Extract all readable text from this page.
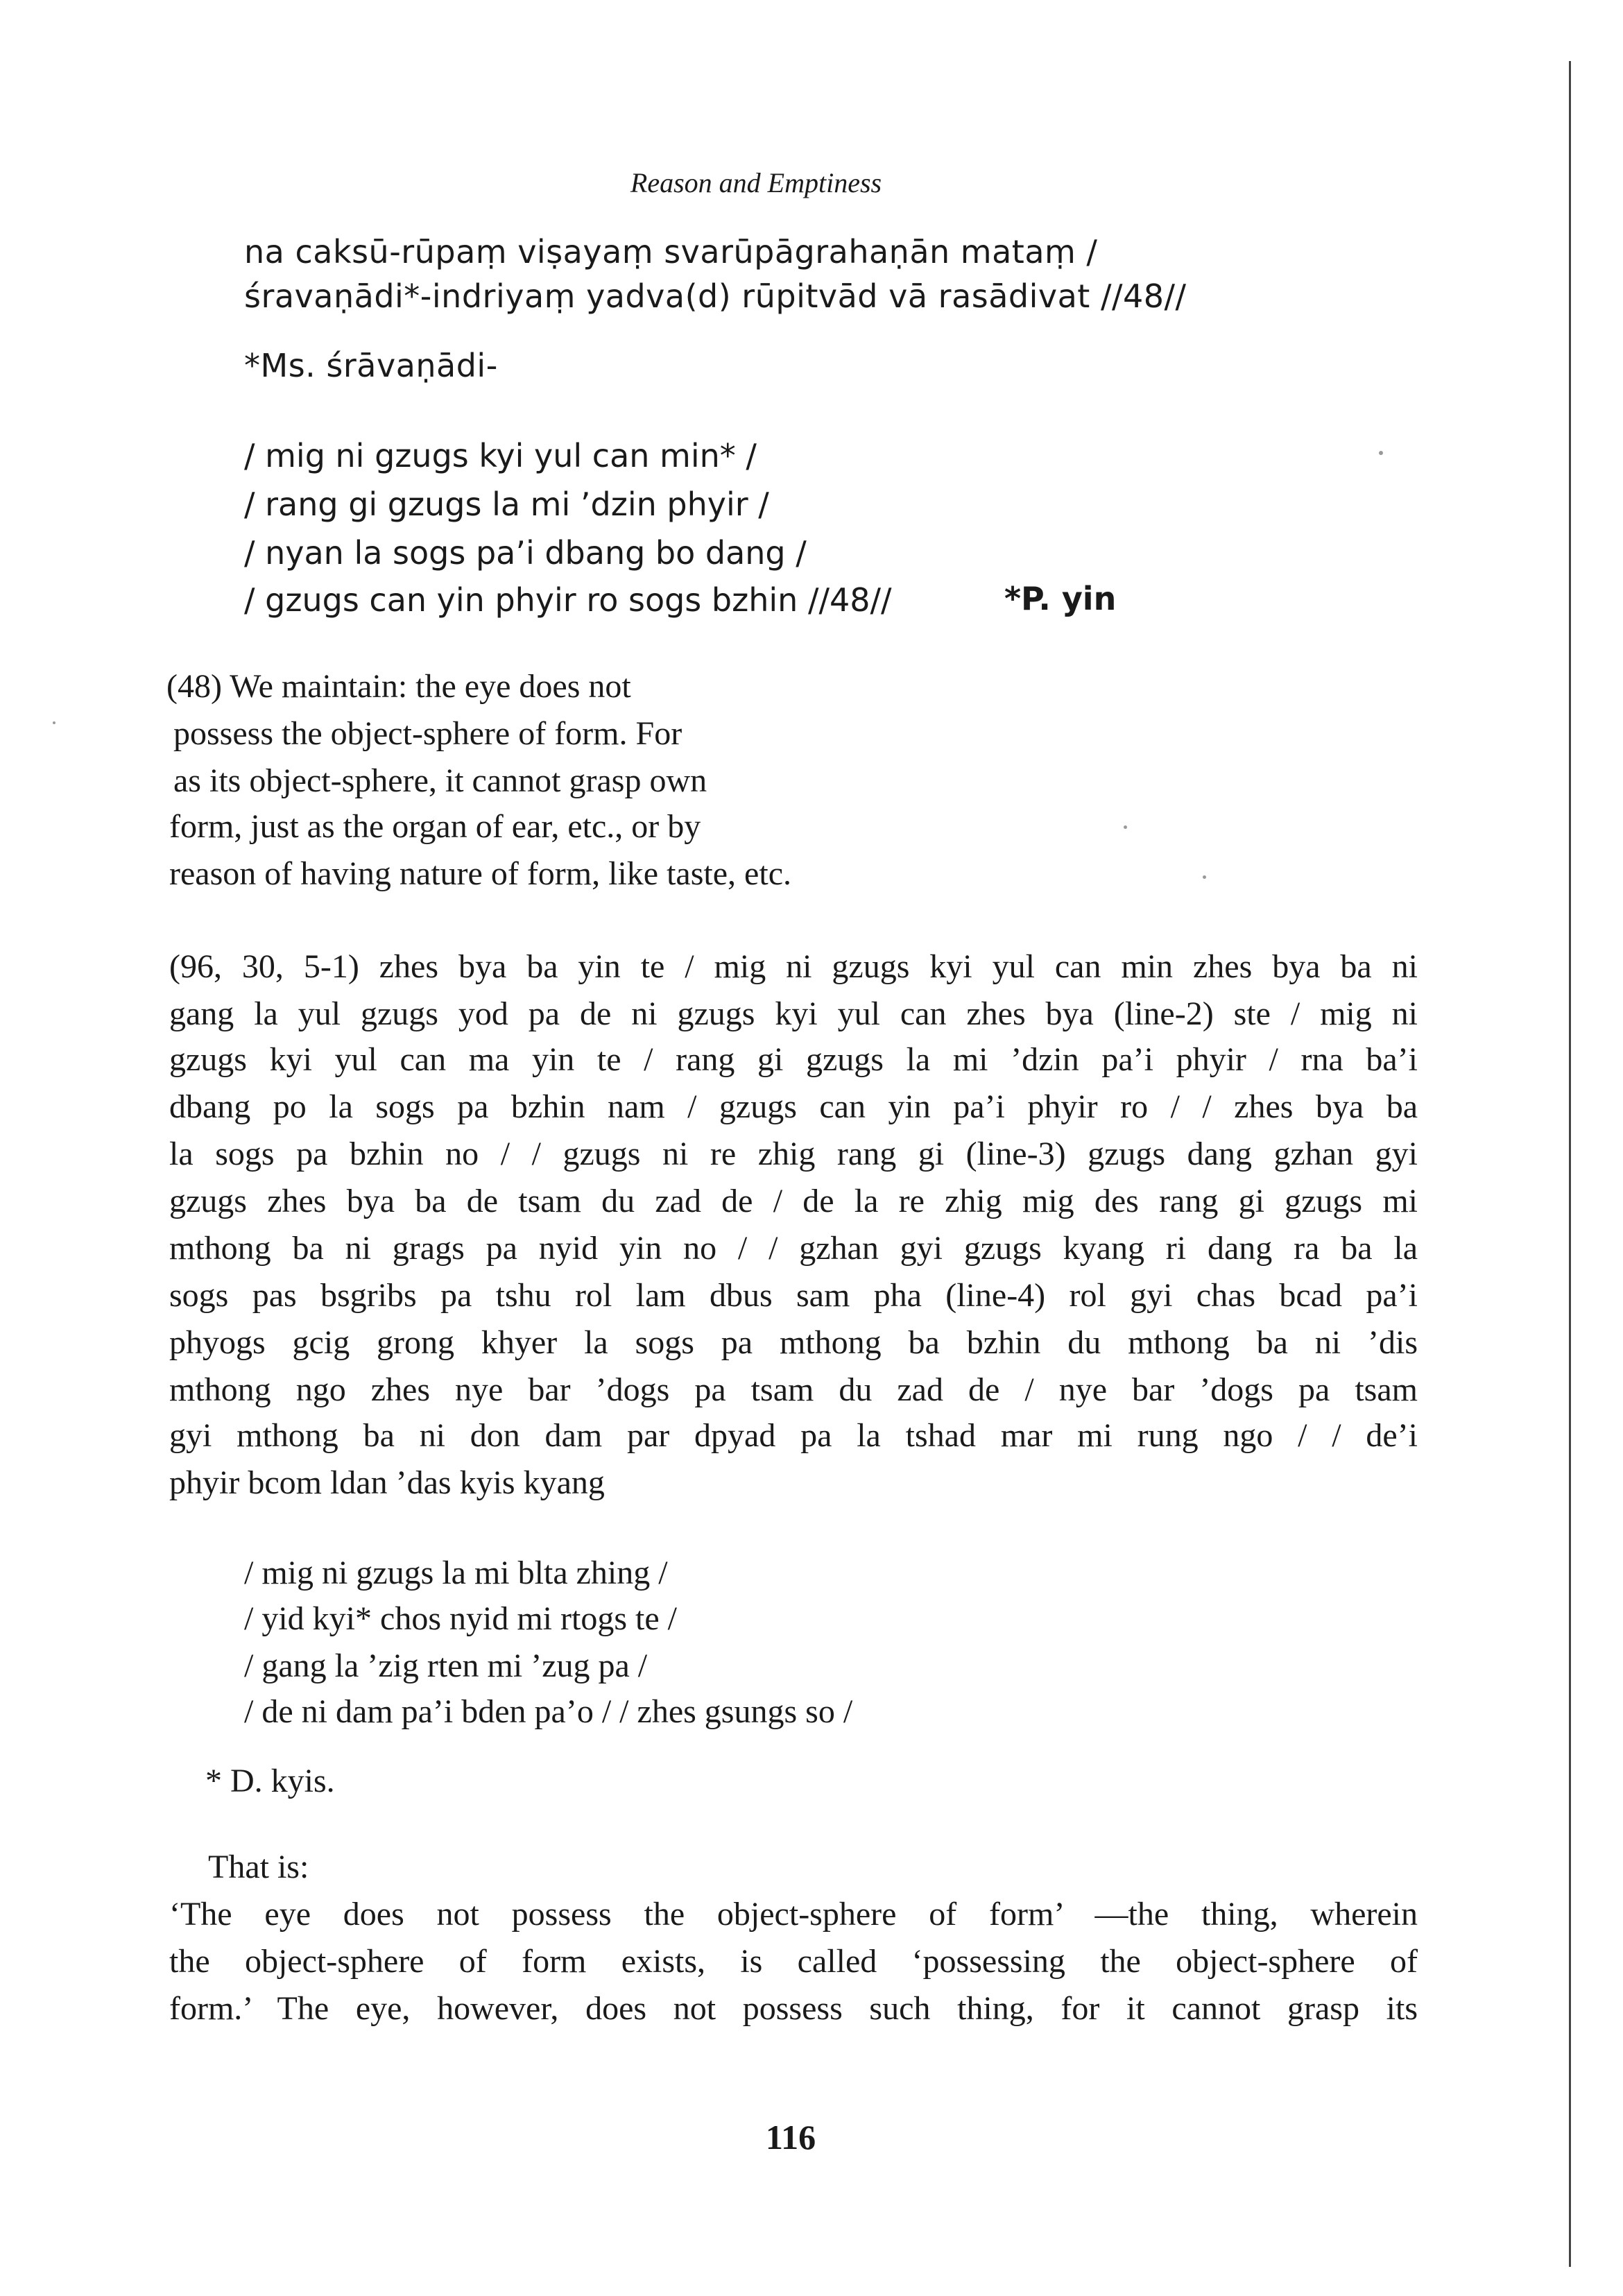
Reason and Emptiness
na caksū-rūpaṃ viṣayaṃ svarūpāgrahaṇān mataṃ /
śravaṇādi*-indriyaṃ yadva(d) rūpitvād vā rasādivat //48//
*Ms. śrāvaṇādi-
/ mig ni gzugs kyi yul can min* /
/ rang gi gzugs la mi ’dzin phyir /
/ nyan la sogs pa’i dbang bo dang /
/ gzugs can yin phyir ro sogs bzhin //48//	*P. yin
(48) We maintain: the eye does not
possess the object-sphere of form. For
as its object-sphere, it cannot grasp own
form, just as the organ of ear, etc., or by
reason of having nature of form, like taste, etc.
(96, 30, 5-1) zhes bya ba yin te / mig ni gzugs kyi yul can min zhes bya ba ni
gang la yul gzugs yod pa de ni gzugs kyi yul can zhes bya (line-2) ste / mig ni
gzugs kyi yul can ma yin te / rang gi gzugs la mi ’dzin pa’i phyir / rna ba’i
dbang po la sogs pa bzhin nam / gzugs can yin pa’i phyir ro / / zhes bya ba
la sogs pa bzhin no / / gzugs ni re zhig rang gi (line-3) gzugs dang gzhan gyi
gzugs zhes bya ba de tsam du zad de / de la re zhig mig des rang gi gzugs mi
mthong ba ni grags pa nyid yin no / / gzhan gyi gzugs kyang ri dang ra ba la
sogs pas bsgribs pa tshu rol lam dbus sam pha (line-4) rol gyi chas bcad pa’i
phyogs gcig grong khyer la sogs pa mthong ba bzhin du mthong ba ni ’dis
mthong ngo zhes nye bar ’dogs pa tsam du zad de / nye bar ’dogs pa tsam
gyi mthong ba ni don dam par dpyad pa la tshad mar mi rung ngo / / de’i
phyir bcom ldan ’das kyis kyang
/ mig ni gzugs la mi blta zhing /
/ yid kyi* chos nyid mi rtogs te /
/ gang la ’zig rten mi ’zug pa /
/ de ni dam pa’i bden pa’o / / zhes gsungs so /
* D. kyis.
That is:
‘The eye does not possess the object-sphere of form’ —the thing, wherein
the object-sphere of form exists, is called ‘possessing the object-sphere of
form.’ The eye, however, does not possess such thing, for it cannot grasp its
116
